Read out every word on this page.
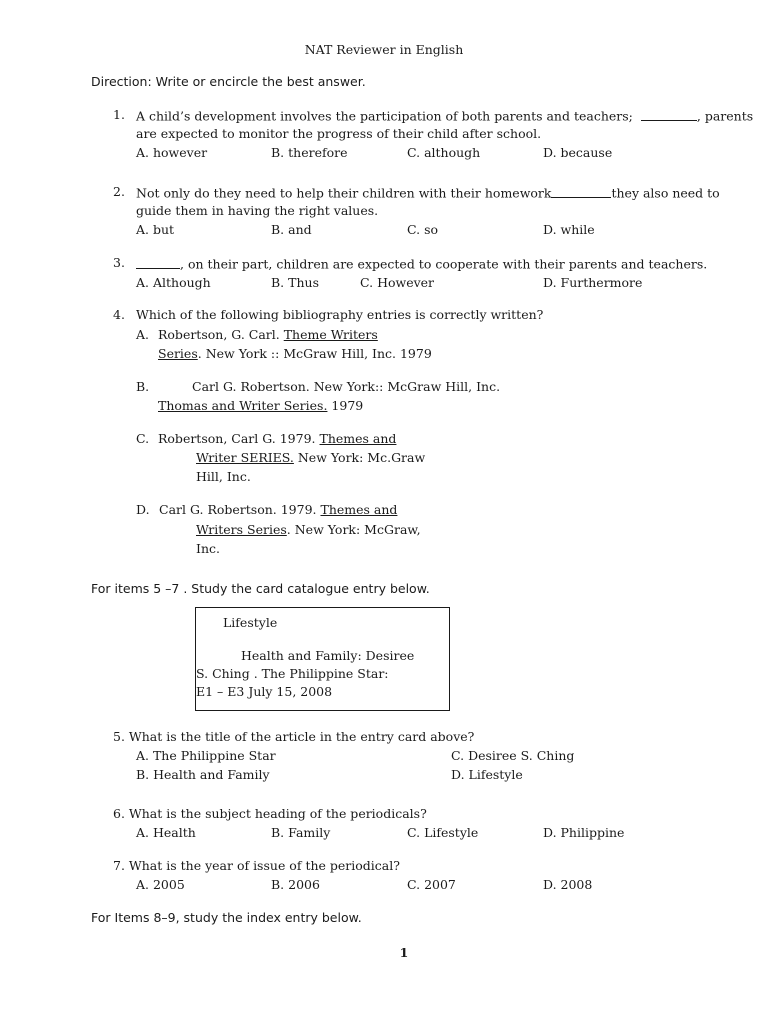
NAT Reviewer in English
Direction: Write or encircle the best answer.
1. A child’s development involves the participation of both parents and teachers;	, parents
are expected to monitor the progress of their child after school.
A. however	B. therefore	C. although	D. because
2. Not only do they need to help their children with their homework	they also need to
guide them in having the right values.
A. but	B. and	C. so	D. while
3.	, on their part, children are expected to cooperate with their parents and teachers.
A. Although	B. Thus	C. However	D. Furthermore
4. Which of the following bibliography entries is correctly written?
A. Robertson, G. Carl. Theme Writers
Series. New York :: McGraw Hill, Inc. 1979
B.	Carl G. Robertson. New York:: McGraw Hill, Inc.
Thomas and Writer Series. 1979
C. Robertson, Carl G. 1979. Themes and
Writer SERIES. New York: Mc.Graw
Hill, Inc.
D. Carl G. Robertson. 1979. Themes and
Writers Series. New York: McGraw,
Inc.
For items 5 –7 . Study the card catalogue entry below.
Lifestyle
Health and Family: Desiree
S. Ching . The Philippine Star:
E1 – E3 July 15, 2008
5. What is the title of the article in the entry card above?
A. The Philippine Star	C. Desiree S. Ching
B. Health and Family	D. Lifestyle
6. What is the subject heading of the periodicals?
A. Health	B. Family	C. Lifestyle	D. Philippine
7. What is the year of issue of the periodical?
A. 2005	B. 2006	C. 2007	D. 2008
For Items 8–9, study the index entry below.
1
